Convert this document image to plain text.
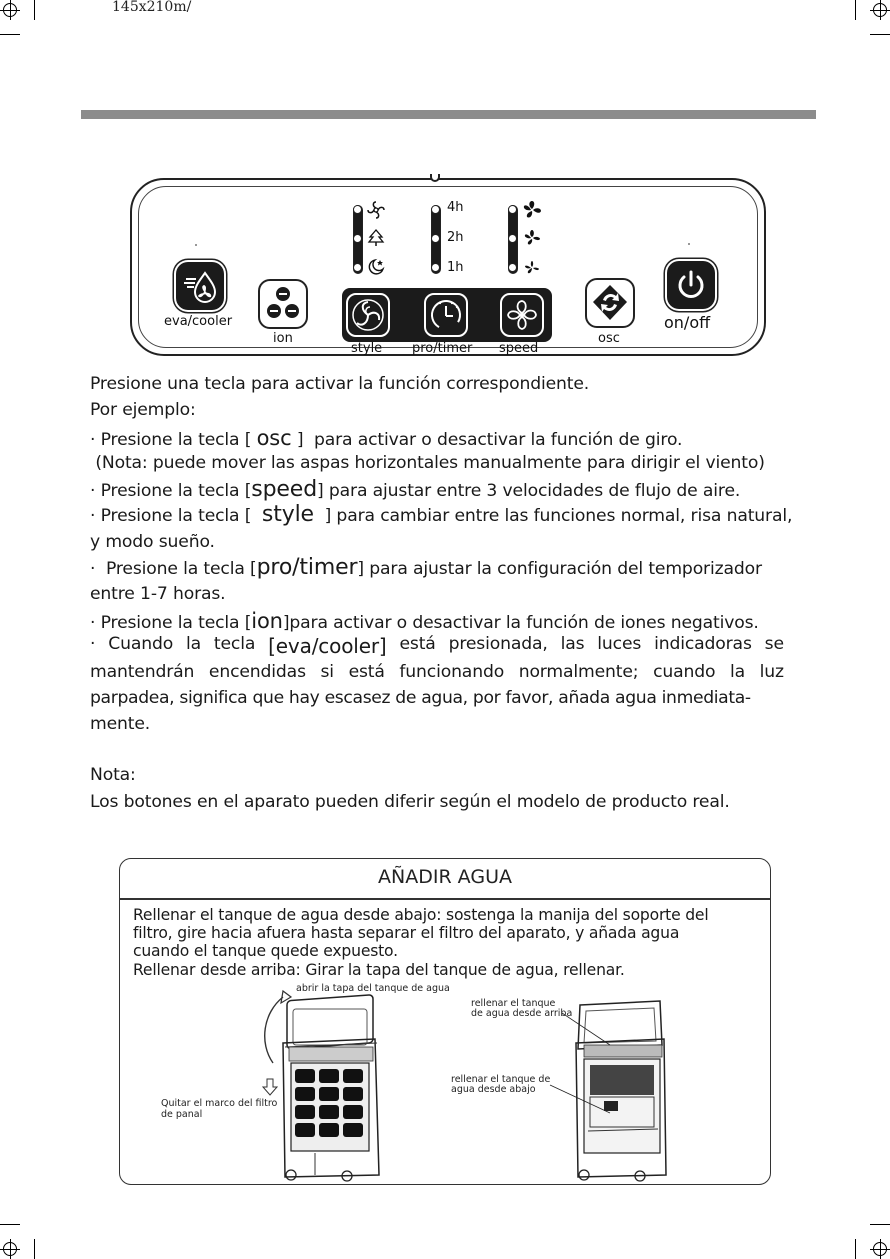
145x210m/
eva/cooler
ion
style pro/timer speed
4h
2h
1h
osc
on/off
Presione una tecla para activar la función correspondiente.
Por ejemplo:
· Presione la tecla [ osc ]  para activar o desactivar la función de giro.
(Nota: puede mover las aspas horizontales manualmente para dirigir el viento)
· Presione la tecla [speed] para ajustar entre 3 velocidades de flujo de aire.
· Presione la tecla [  style  ] para cambiar entre las funciones normal, risa natural,
y modo sueño.
·  Presione la tecla [pro/timer] para ajustar la configuración del temporizador
entre 1-7 horas.
· Presione la tecla [ion]para activar o desactivar la función de iones negativos.
· Cuando la tecla [eva/cooler] está presionada, las luces indicadoras se
mantendrán encendidas si está funcionando normalmente; cuando la luz
parpadea, significa que hay escasez de agua, por favor, añada agua inmediata-
mente.
Nota:
Los botones en el aparato pueden diferir según el modelo de producto real.
AÑADIR AGUA
Rellenar el tanque de agua desde abajo: sostenga la manija del soporte del
filtro, gire hacia afuera hasta separar el filtro del aparato, y añada agua
cuando el tanque quede expuesto.
Rellenar desde arriba: Girar la tapa del tanque de agua, rellenar.
abrir la tapa del tanque de agua
Quitar el marco del filtro
de panal
rellenar el tanque
de agua desde arriba
rellenar el tanque de
agua desde abajo
